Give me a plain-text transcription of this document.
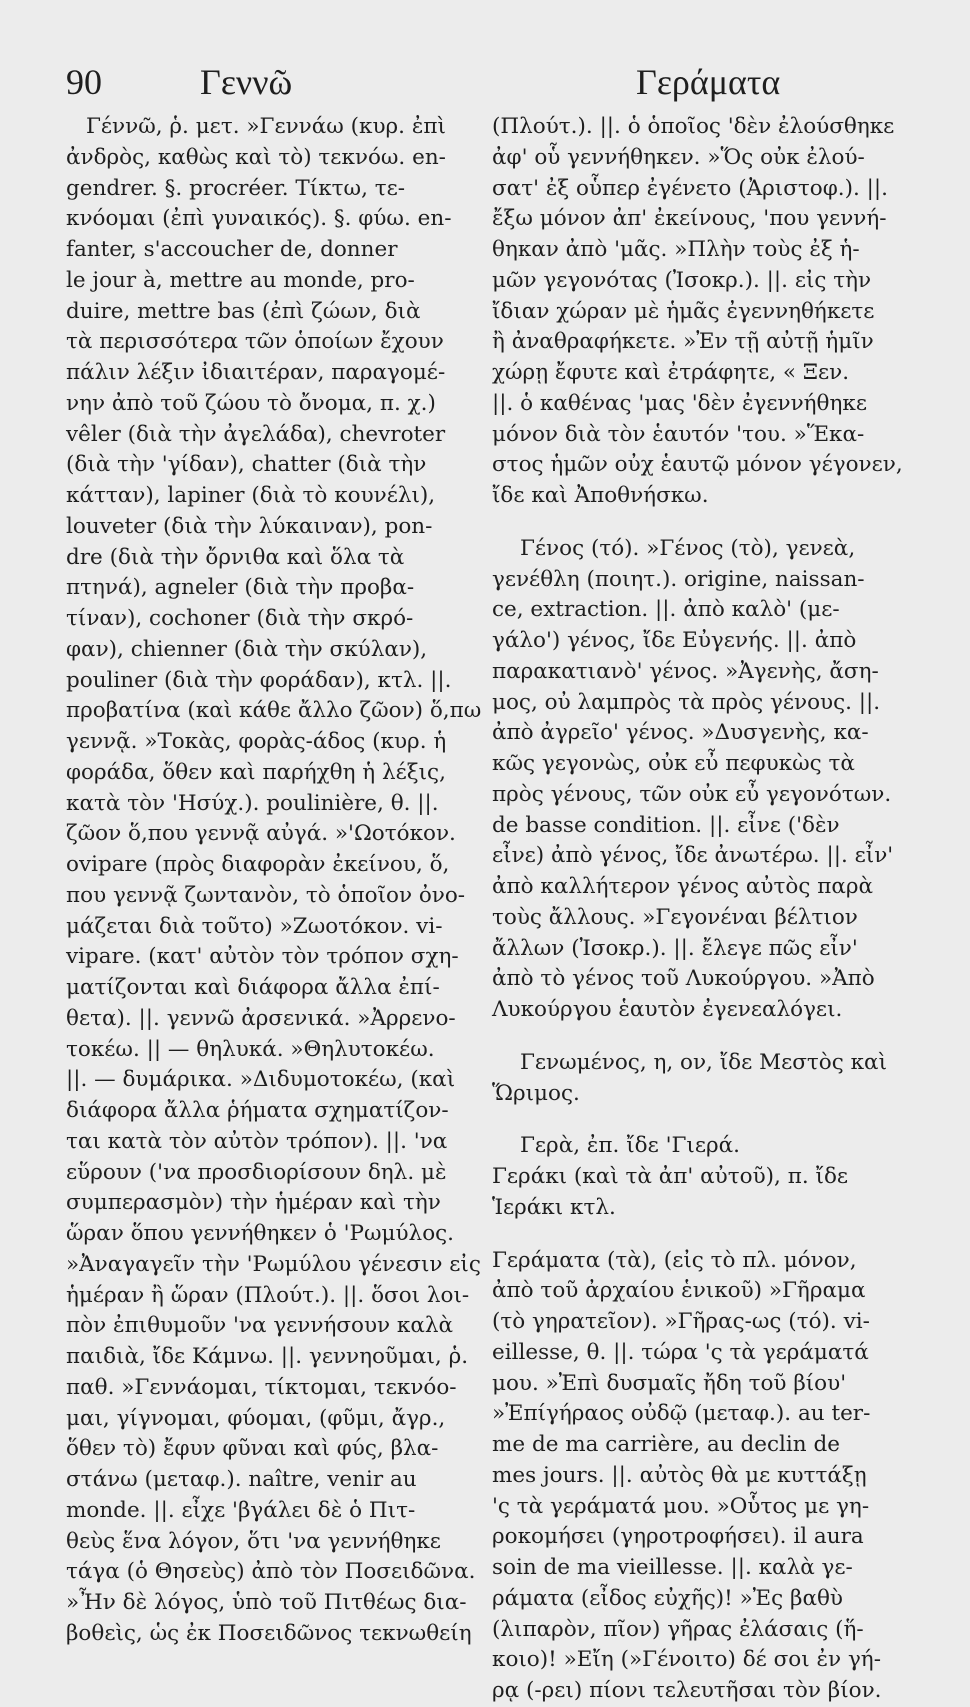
90	Γεννῶ	Γεράματα
Γέννῶ, ῥ. μετ. »Γεννάω (κυρ. ἐπὶ
ἀνδρὸς, καθὼς καὶ τὸ) τεκνόω. en-
gendrer. §. procréer. Τίκτω, τε-
κνόομαι (ἐπὶ γυναικός). §. φύω. en-
fanter, s'accoucher de, donner
le jour à, mettre au monde, pro-
duire, mettre bas (ἐπὶ ζώων, διὰ
τὰ περισσότερα τῶν ὁποίων ἔχουν
πάλιν λέξιν ἰδιαιτέραν, παραγομέ-
νην ἀπὸ τοῦ ζώου τὸ ὄνομα, π. χ.)
vêler (διὰ τὴν ἀγελάδα), chevroter
(διὰ τὴν 'γίδαν), chatter (διὰ τὴν
κάτταν), lapiner (διὰ τὸ κουνέλι),
louveter (διὰ τὴν λύκαιναν), pon-
dre (διὰ τὴν ὄρνιθα καὶ ὅλα τὰ
πτηνά), agneler (διὰ τὴν προβα-
τίναν), cochoner (διὰ τὴν σκρό-
φαν), chienner (διὰ τὴν σκύλαν),
pouliner (διὰ τὴν φοράδαν), κτλ. ||.
προβατίνα (καὶ κάθε ἄλλο ζῶον) ὅ,πω
γεννᾷ. »Τοκὰς, φορὰς-άδος (κυρ. ἡ
φοράδα, ὅθεν καὶ παρήχθη ἡ λέξις,
κατὰ τὸν 'Ησύχ.). poulinière, θ. ||.
ζῶον ὅ,που γεννᾷ αὐγά. »'Ωοτόκον.
ovipare (πρὸς διαφορὰν ἐκείνου, ὅ,
που γεννᾷ ζωντανὸν, τὸ ὁποῖον ὀνο-
μάζεται διὰ τοῦτο) »Ζωοτόκον. vi-
vipare. (κατ' αὐτὸν τὸν τρόπον σχη-
ματίζονται καὶ διάφορα ἄλλα ἐπί-
θετα). ||. γεννῶ ἀρσενικά. »Ἀρρενο-
τοκέω. || — θηλυκά. »Θηλυτοκέω.
||. — δυμάρικα. »Διδυμοτοκέω, (καὶ
διάφορα ἄλλα ῥήματα σχηματίζον-
ται κατὰ τὸν αὐτὸν τρόπον). ||. 'να
εὕρουν ('να προσδιορίσουν δηλ. μὲ
συμπερασμὸν) τὴν ἡμέραν καὶ τὴν
ὥραν ὅπου γεννήθηκεν ὁ 'Ρωμύλος.
»Ἀναγαγεῖν τὴν 'Ρωμύλου γένεσιν εἰς
ἡμέραν ἢ ὥραν (Πλούτ.). ||. ὅσοι λοι-
πὸν ἐπιθυμοῦν 'να γεννήσουν καλὰ
παιδιὰ, ἴδε Κάμνω. ||. γεννηοῦμαι, ῥ.
παθ. »Γεννάομαι, τίκτομαι, τεκνόο-
μαι, γίγνομαι, φύομαι, (φῦμι, ἄγρ.,
ὅθεν τὸ) ἔφυν φῦναι καὶ φύς, βλα-
στάνω (μεταφ.). naître, venir au
monde. ||. εἶχε 'βγάλει δὲ ὁ Πιτ-
θεὺς ἕνα λόγον, ὅτι 'να γεννήθηκε
τάγα (ὁ Θησεὺς) ἀπὸ τὸν Ποσειδῶνα.
»Ἦν δὲ λόγος, ὑπὸ τοῦ Πιτθέως δια-
βοθεὶς, ὡς ἐκ Ποσειδῶνος τεκνωθείη
(Πλούτ.). ||. ὁ ὁποῖος 'δὲν ἐλούσθηκε
ἀφ' οὗ γεννήθηκεν. »Ὅς οὐκ ἐλού-
σατ' ἐξ οὗπερ ἐγένετο (Ἀριστοφ.). ||.
ἔξω μόνον ἀπ' ἐκείνους, 'που γεννή-
θηκαν ἀπὸ 'μᾶς. »Πλὴν τοὺς ἐξ ἡ-
μῶν γεγονότας (Ἰσοκρ.). ||. εἰς τὴν
ἴδιαν χώραν μὲ ἡμᾶς ἐγεννηθήκετε
ἢ ἀναθραφήκετε. »Ἐν τῇ αὐτῇ ἡμῖν
χώρῃ ἔφυτε καὶ ἐτράφητε, « Ξεν.
||. ὁ καθένας 'μας 'δὲν ἐγεννήθηκε
μόνον διὰ τὸν ἑαυτόν 'του. »Ἕκα-
στος ἡμῶν οὐχ ἑαυτῷ μόνον γέγονεν,
ἴδε καὶ Ἀποθνήσκω.
Γένος (τό). »Γένος (τὸ), γενεὰ,
γενέθλη (ποιητ.). origine, naissan-
ce, extraction. ||. ἀπὸ καλὸ' (με-
γάλο') γένος, ἴδε Εὐγενής. ||. ἀπὸ
παρακατιανὸ' γένος. »Ἀγενὴς, ἄση-
μος, οὐ λαμπρὸς τὰ πρὸς γένους. ||.
ἀπὸ ἀγρεῖο' γένος. »Δυσγενὴς, κα-
κῶς γεγονὼς, οὐκ εὖ πεφυκὼς τὰ
πρὸς γένους, τῶν οὐκ εὖ γεγονότων.
de basse condition. ||. εἶνε ('δὲν
εἶνε) ἀπὸ γένος, ἴδε ἀνωτέρω. ||. εἶν'
ἀπὸ καλλήτερον γένος αὐτὸς παρὰ
τοὺς ἄλλους. »Γεγονέναι βέλτιον
ἄλλων (Ἰσοκρ.). ||. ἔλεγε πῶς εἶν'
ἀπὸ τὸ γένος τοῦ Λυκούργου. »Ἀπὸ
Λυκούργου ἑαυτὸν ἐγενεαλόγει.
Γενωμένος, η, ον, ἴδε Μεστὸς καὶ
Ὥριμος.
Γερὰ, ἐπ. ἴδε 'Γιερά.
Γεράκι (καὶ τὰ ἀπ' αὐτοῦ), π. ἴδε
Ἱεράκι κτλ.
Γεράματα (τὰ), (εἰς τὸ πλ. μόνον,
ἀπὸ τοῦ ἀρχαίου ἑνικοῦ) »Γῆραμα
(τὸ γηρατεῖον). »Γῆρας-ως (τό). vi-
eillesse, θ. ||. τώρα 'ς τὰ γεράματά
μου. »Ἐπὶ δυσμαῖς ἤδη τοῦ βίου'
»Ἐπίγήραος οὐδῷ (μεταφ.). au ter-
me de ma carrière, au declin de
mes jours. ||. αὐτὸς θὰ με κυττάξῃ
'ς τὰ γεράματά μου. »Οὗτος με γη-
ροκομήσει (γηροτροφήσει). il aura
soin de ma vieillesse. ||. καλὰ γε-
ράματα (εἶδος εὐχῆς)! »Ἐς βαθὺ
(λιπαρὸν, πῖον) γῆρας ἐλάσαις (ἥ-
κοιο)! »Εἴη (»Γένοιτο) δέ σοι ἐν γή-
ρᾳ (-ρει) πίονι τελευτῆσαι τὸν βίον.
